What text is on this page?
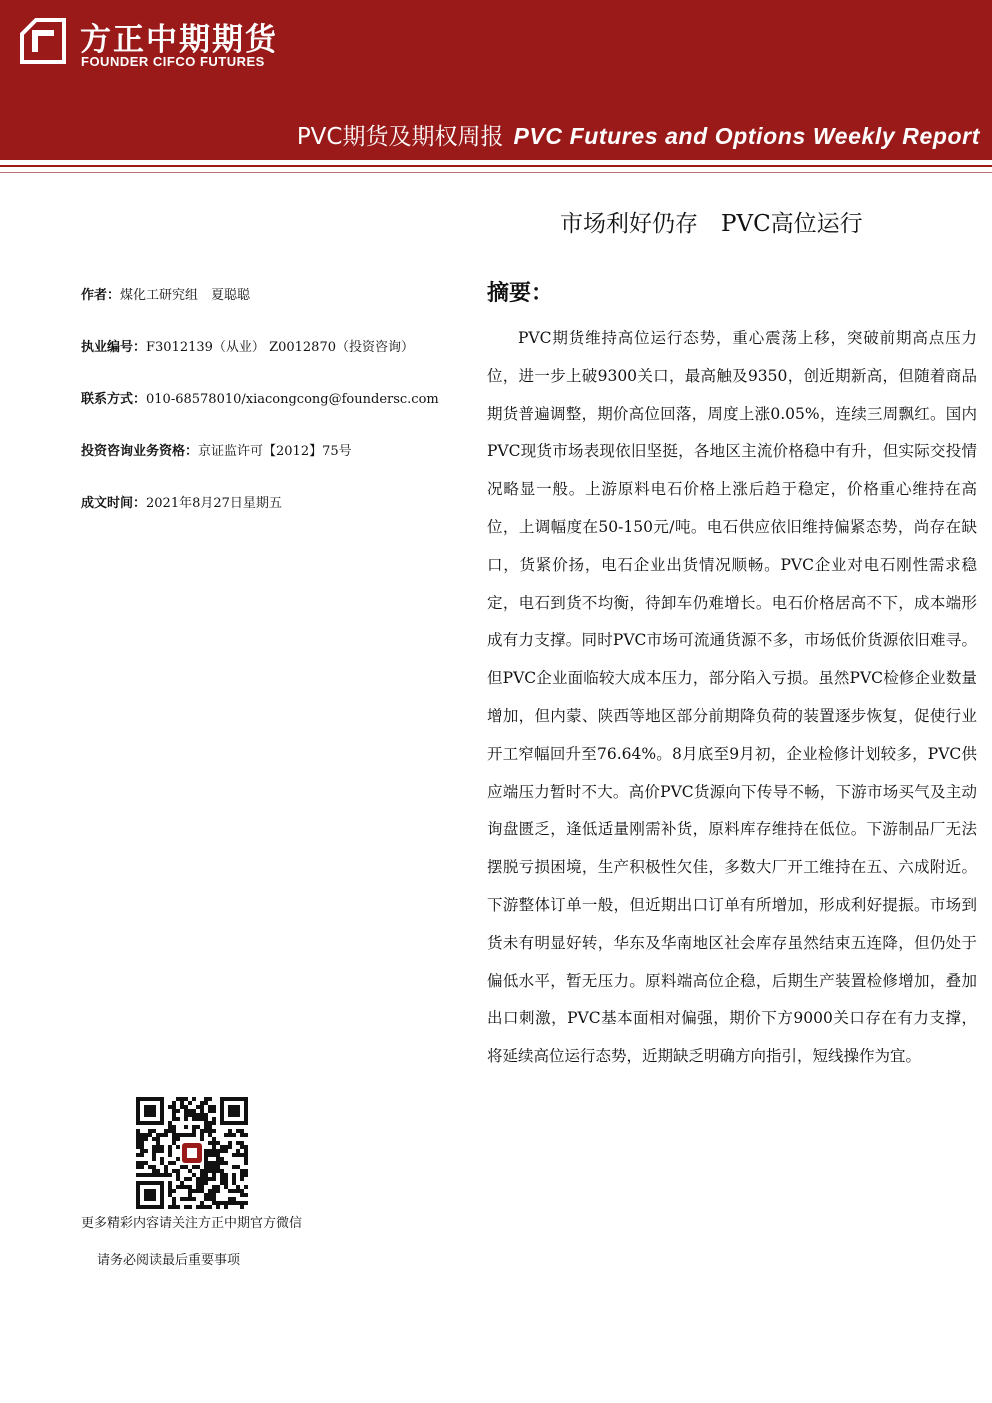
方正中期期货
FOUNDER CIFCO FUTURES
PVC期货及期权周报 PVC Futures and Options Weekly Report
市场利好仍存　PVC高位运行
作者：煤化工研究组　夏聪聪
执业编号：F3012139（从业） Z0012870（投资咨询）
联系方式：010-68578010/xiacongcong@foundersc.com
投资咨询业务资格：京证监许可【2012】75号
成文时间：2021年8月27日星期五
摘要：

PVC期货维持高位运行态势，重心震荡上移，突破前期高点压力位，进一步上破9300关口，最高触及9350，创近期新高，但随着商品期货普遍调整，期价高位回落，周度上涨0.05%，连续三周飘红。国内PVC现货市场表现依旧坚挺，各地区主流价格稳中有升，但实际交投情况略显一般。上游原料电石价格上涨后趋于稳定，价格重心维持在高位，上调幅度在50-150元/吨。电石供应依旧维持偏紧态势，尚存在缺口，货紧价扬，电石企业出货情况顺畅。PVC企业对电石刚性需求稳定，电石到货不均衡，待卸车仍难增长。电石价格居高不下，成本端形成有力支撑。同时PVC市场可流通货源不多，市场低价货源依旧难寻。但PVC企业面临较大成本压力，部分陷入亏损。虽然PVC检修企业数量增加，但内蒙、陕西等地区部分前期降负荷的装置逐步恢复，促使行业开工窄幅回升至76.64%。8月底至9月初，企业检修计划较多，PVC供应端压力暂时不大。高价PVC货源向下传导不畅，下游市场买气及主动询盘匮乏，逢低适量刚需补货，原料库存维持在低位。下游制品厂无法摆脱亏损困境，生产积极性欠佳，多数大厂开工维持在五、六成附近。下游整体订单一般，但近期出口订单有所增加，形成利好提振。市场到货未有明显好转，华东及华南地区社会库存虽然结束五连降，但仍处于偏低水平，暂无压力。原料端高位企稳，后期生产装置检修增加，叠加出口刺激，PVC基本面相对偏强，期价下方9000关口存在有力支撑，将延续高位运行态势，近期缺乏明确方向指引，短线操作为宜。

更多精彩内容请关注方正中期官方微信
请务必阅读最后重要事项
